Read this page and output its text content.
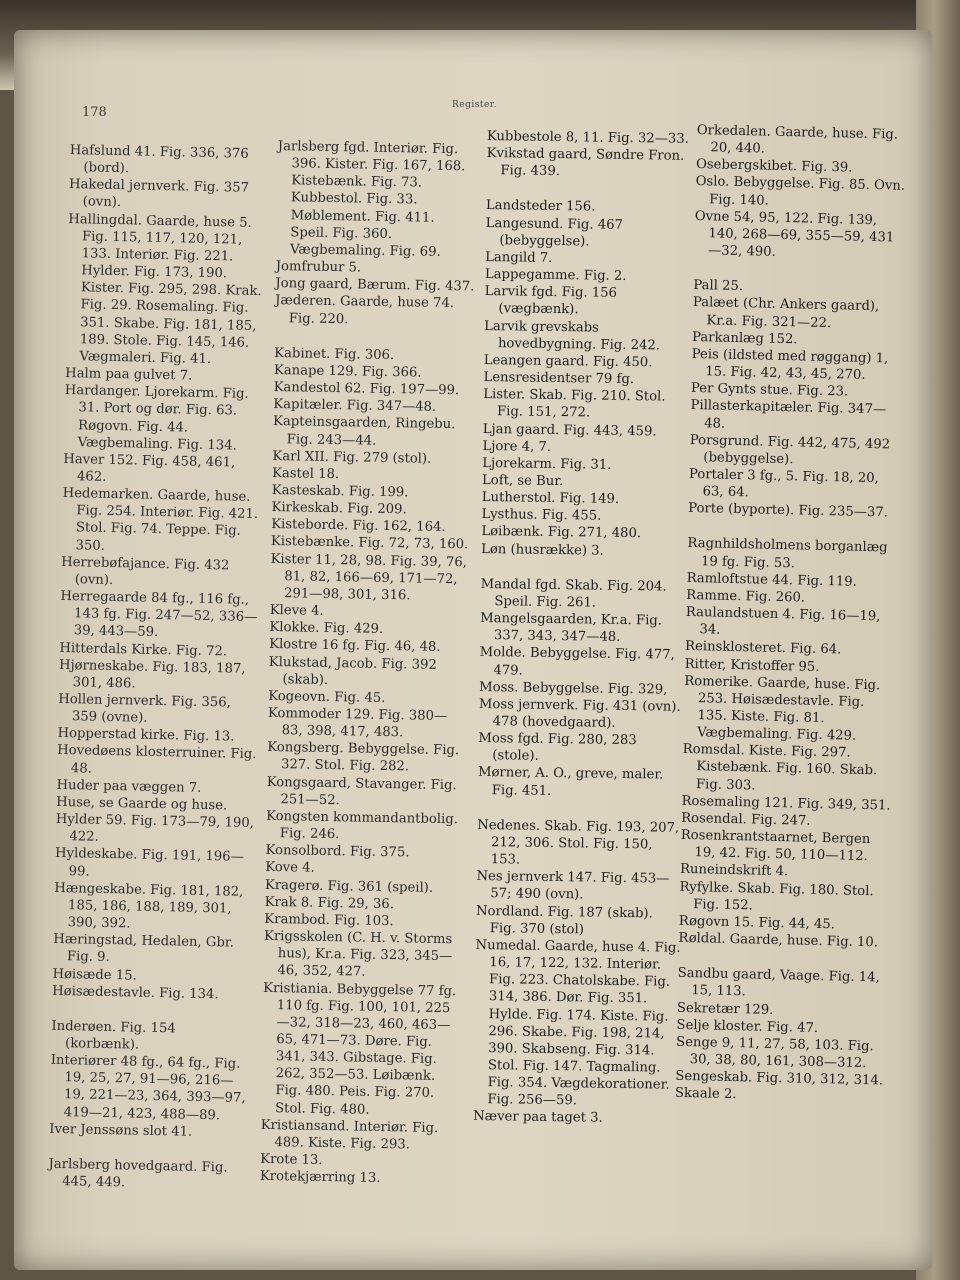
178	Register.

Hafslund 41. Fig. 336, 376 (bord).

Hakedal jernverk. Fig. 357 (ovn).

Hallingdal. Gaarde, huse 5. Fig. 115, 117, 120, 121, 133. Interiør. Fig. 221. Hylder. Fig. 173, 190. Kister. Fig. 295, 298. Krak. Fig. 29. Rosemaling. Fig. 351. Skabe. Fig. 181, 185, 189. Stole. Fig. 145, 146. Vægmaleri. Fig. 41.

Halm paa gulvet 7.

Hardanger. Ljorekarm. Fig. 31. Port og dør. Fig. 63. Røgovn. Fig. 44. Vægbemaling. Fig. 134.

Haver 152. Fig. 458, 461, 462.

Hedemarken. Gaarde, huse. Fig. 254. Interiør. Fig. 421. Stol. Fig. 74. Teppe. Fig. 350.

Herrebøfajance. Fig. 432 (ovn).

Herregaarde 84 fg., 116 fg., 143 fg. Fig. 247—52, 336—39, 443—59.

Hitterdals Kirke. Fig. 72.

Hjørneskabe. Fig. 183, 187, 301, 486.

Hollen jernverk. Fig. 356, 359 (ovne).

Hopperstad kirke. Fig. 13.

Hovedøens klosterruiner. Fig. 48.

Huder paa væggen 7.

Huse, se Gaarde og huse.

Hylder 59. Fig. 173—79, 190, 422.

Hyldeskabe. Fig. 191, 196—99.

Hængeskabe. Fig. 181, 182, 185, 186, 188, 189, 301, 390, 392.

Hæringstad, Hedalen, Gbr. Fig. 9.

Høisæde 15.

Høisædestavle. Fig. 134.

Inderøen. Fig. 154 (korbænk).

Interiører 48 fg., 64 fg., Fig. 19, 25, 27, 91—96, 216—19, 221—23, 364, 393—97, 419—21, 423, 488—89.

Iver Jenssøns slot 41.

Jarlsberg hovedgaard. Fig. 445, 449.

Jarlsberg fgd. Interiør. Fig. 396. Kister. Fig. 167, 168. Kistebænk. Fig. 73. Kubbestol. Fig. 33. Møblement. Fig. 411. Speil. Fig. 360. Vægbemaling. Fig. 69.

Jomfrubur 5.

Jong gaard, Bærum. Fig. 437.

Jæderen. Gaarde, huse 74. Fig. 220.

Kabinet. Fig. 306.

Kanape 129. Fig. 366.

Kandestol 62. Fig. 197—99.

Kapitæler. Fig. 347—48.

Kapteinsgaarden, Ringebu. Fig. 243—44.

Karl XII. Fig. 279 (stol).

Kastel 18.

Kasteskab. Fig. 199.

Kirkeskab. Fig. 209.

Kisteborde. Fig. 162, 164.

Kistebænke. Fig. 72, 73, 160.

Kister 11, 28, 98. Fig. 39, 76, 81, 82, 166—69, 171—72, 291—98, 301, 316.

Kleve 4.

Klokke. Fig. 429.

Klostre 16 fg. Fig. 46, 48.

Klukstad, Jacob. Fig. 392 (skab).

Kogeovn. Fig. 45.

Kommoder 129. Fig. 380—83, 398, 417, 483.

Kongsberg. Bebyggelse. Fig. 327. Stol. Fig. 282.

Kongsgaard, Stavanger. Fig. 251—52.

Kongsten kommandantbolig. Fig. 246.

Konsolbord. Fig. 375.

Kove 4.

Kragerø. Fig. 361 (speil).

Krak 8. Fig. 29, 36.

Krambod. Fig. 103.

Krigsskolen (C. H. v. Storms hus), Kr.a. Fig. 323, 345—46, 352, 427.

Kristiania. Bebyggelse 77 fg. 110 fg. Fig. 100, 101, 225—32, 318—23, 460, 463—65, 471—73. Døre. Fig. 341, 343. Gibstage. Fig. 262, 352—53. Løibænk. Fig. 480. Peis. Fig. 270. Stol. Fig. 480.

Kristiansand. Interiør. Fig. 489. Kiste. Fig. 293.

Krote 13.

Krotekjærring 13.

Kubbestole 8, 11. Fig. 32—33.

Kvikstad gaard, Søndre Fron. Fig. 439.

Landsteder 156.

Langesund. Fig. 467 (bebyggelse).

Langild 7.

Lappegamme. Fig. 2.

Larvik fgd. Fig. 156 (vægbænk).

Larvik grevskabs hovedbygning. Fig. 242.

Leangen gaard. Fig. 450.

Lensresidentser 79 fg.

Lister. Skab. Fig. 210. Stol. Fig. 151, 272.

Ljan gaard. Fig. 443, 459.

Ljore 4, 7.

Ljorekarm. Fig. 31.

Loft, se Bur.

Lutherstol. Fig. 149.

Lysthus. Fig. 455.

Løibænk. Fig. 271, 480.

Løn (husrække) 3.

Mandal fgd. Skab. Fig. 204. Speil. Fig. 261.

Mangelsgaarden, Kr.a. Fig. 337, 343, 347—48.

Molde. Bebyggelse. Fig. 477, 479.

Moss. Bebyggelse. Fig. 329,

Moss jernverk. Fig. 431 (ovn). 478 (hovedgaard).

Moss fgd. Fig. 280, 283 (stole).

Mørner, A. O., greve, maler. Fig. 451.

Nedenes. Skab. Fig. 193, 207, 212, 306. Stol. Fig. 150, 153.

Nes jernverk 147. Fig. 453—57; 490 (ovn).

Nordland. Fig. 187 (skab). Fig. 370 (stol)

Numedal. Gaarde, huse 4. Fig. 16, 17, 122, 132. Interiør. Fig. 223. Chatolskabe. Fig. 314, 386. Dør. Fig. 351. Hylde. Fig. 174. Kiste. Fig. 296. Skabe. Fig. 198, 214, 390. Skabseng. Fig. 314. Stol. Fig. 147. Tagmaling. Fig. 354. Vægdekorationer. Fig. 256—59.

Næver paa taget 3.

Orkedalen. Gaarde, huse. Fig. 20, 440.

Osebergskibet. Fig. 39.

Oslo. Bebyggelse. Fig. 85. Ovn. Fig. 140.

Ovne 54, 95, 122. Fig. 139, 140, 268—69, 355—59, 431—32, 490.

Pall 25.

Palæet (Chr. Ankers gaard), Kr.a. Fig. 321—22.

Parkanlæg 152.

Peis (ildsted med røggang) 1, 15. Fig. 42, 43, 45, 270.

Per Gynts stue. Fig. 23.

Pillasterkapitæler. Fig. 347—48.

Porsgrund. Fig. 442, 475, 492 (bebyggelse).

Portaler 3 fg., 5. Fig. 18, 20, 63, 64.

Porte (byporte). Fig. 235—37.

Ragnhildsholmens borganlæg 19 fg. Fig. 53.

Ramloftstue 44. Fig. 119.

Ramme. Fig. 260.

Raulandstuen 4. Fig. 16—19, 34.

Reinsklosteret. Fig. 64.

Ritter, Kristoffer 95.

Romerike. Gaarde, huse. Fig. 253. Høisædestavle. Fig. 135. Kiste. Fig. 81. Vægbemaling. Fig. 429.

Romsdal. Kiste. Fig. 297. Kistebænk. Fig. 160. Skab. Fig. 303.

Rosemaling 121. Fig. 349, 351.

Rosendal. Fig. 247.

Rosenkrantstaarnet, Bergen 19, 42. Fig. 50, 110—112.

Runeindskrift 4.

Ryfylke. Skab. Fig. 180. Stol. Fig. 152.

Røgovn 15. Fig. 44, 45.

Røldal. Gaarde, huse. Fig. 10.

Sandbu gaard, Vaage. Fig. 14, 15, 113.

Sekretær 129.

Selje kloster. Fig. 47.

Senge 9, 11, 27, 58, 103. Fig. 30, 38, 80, 161, 308—312.

Sengeskab. Fig. 310, 312, 314.

Skaale 2.
